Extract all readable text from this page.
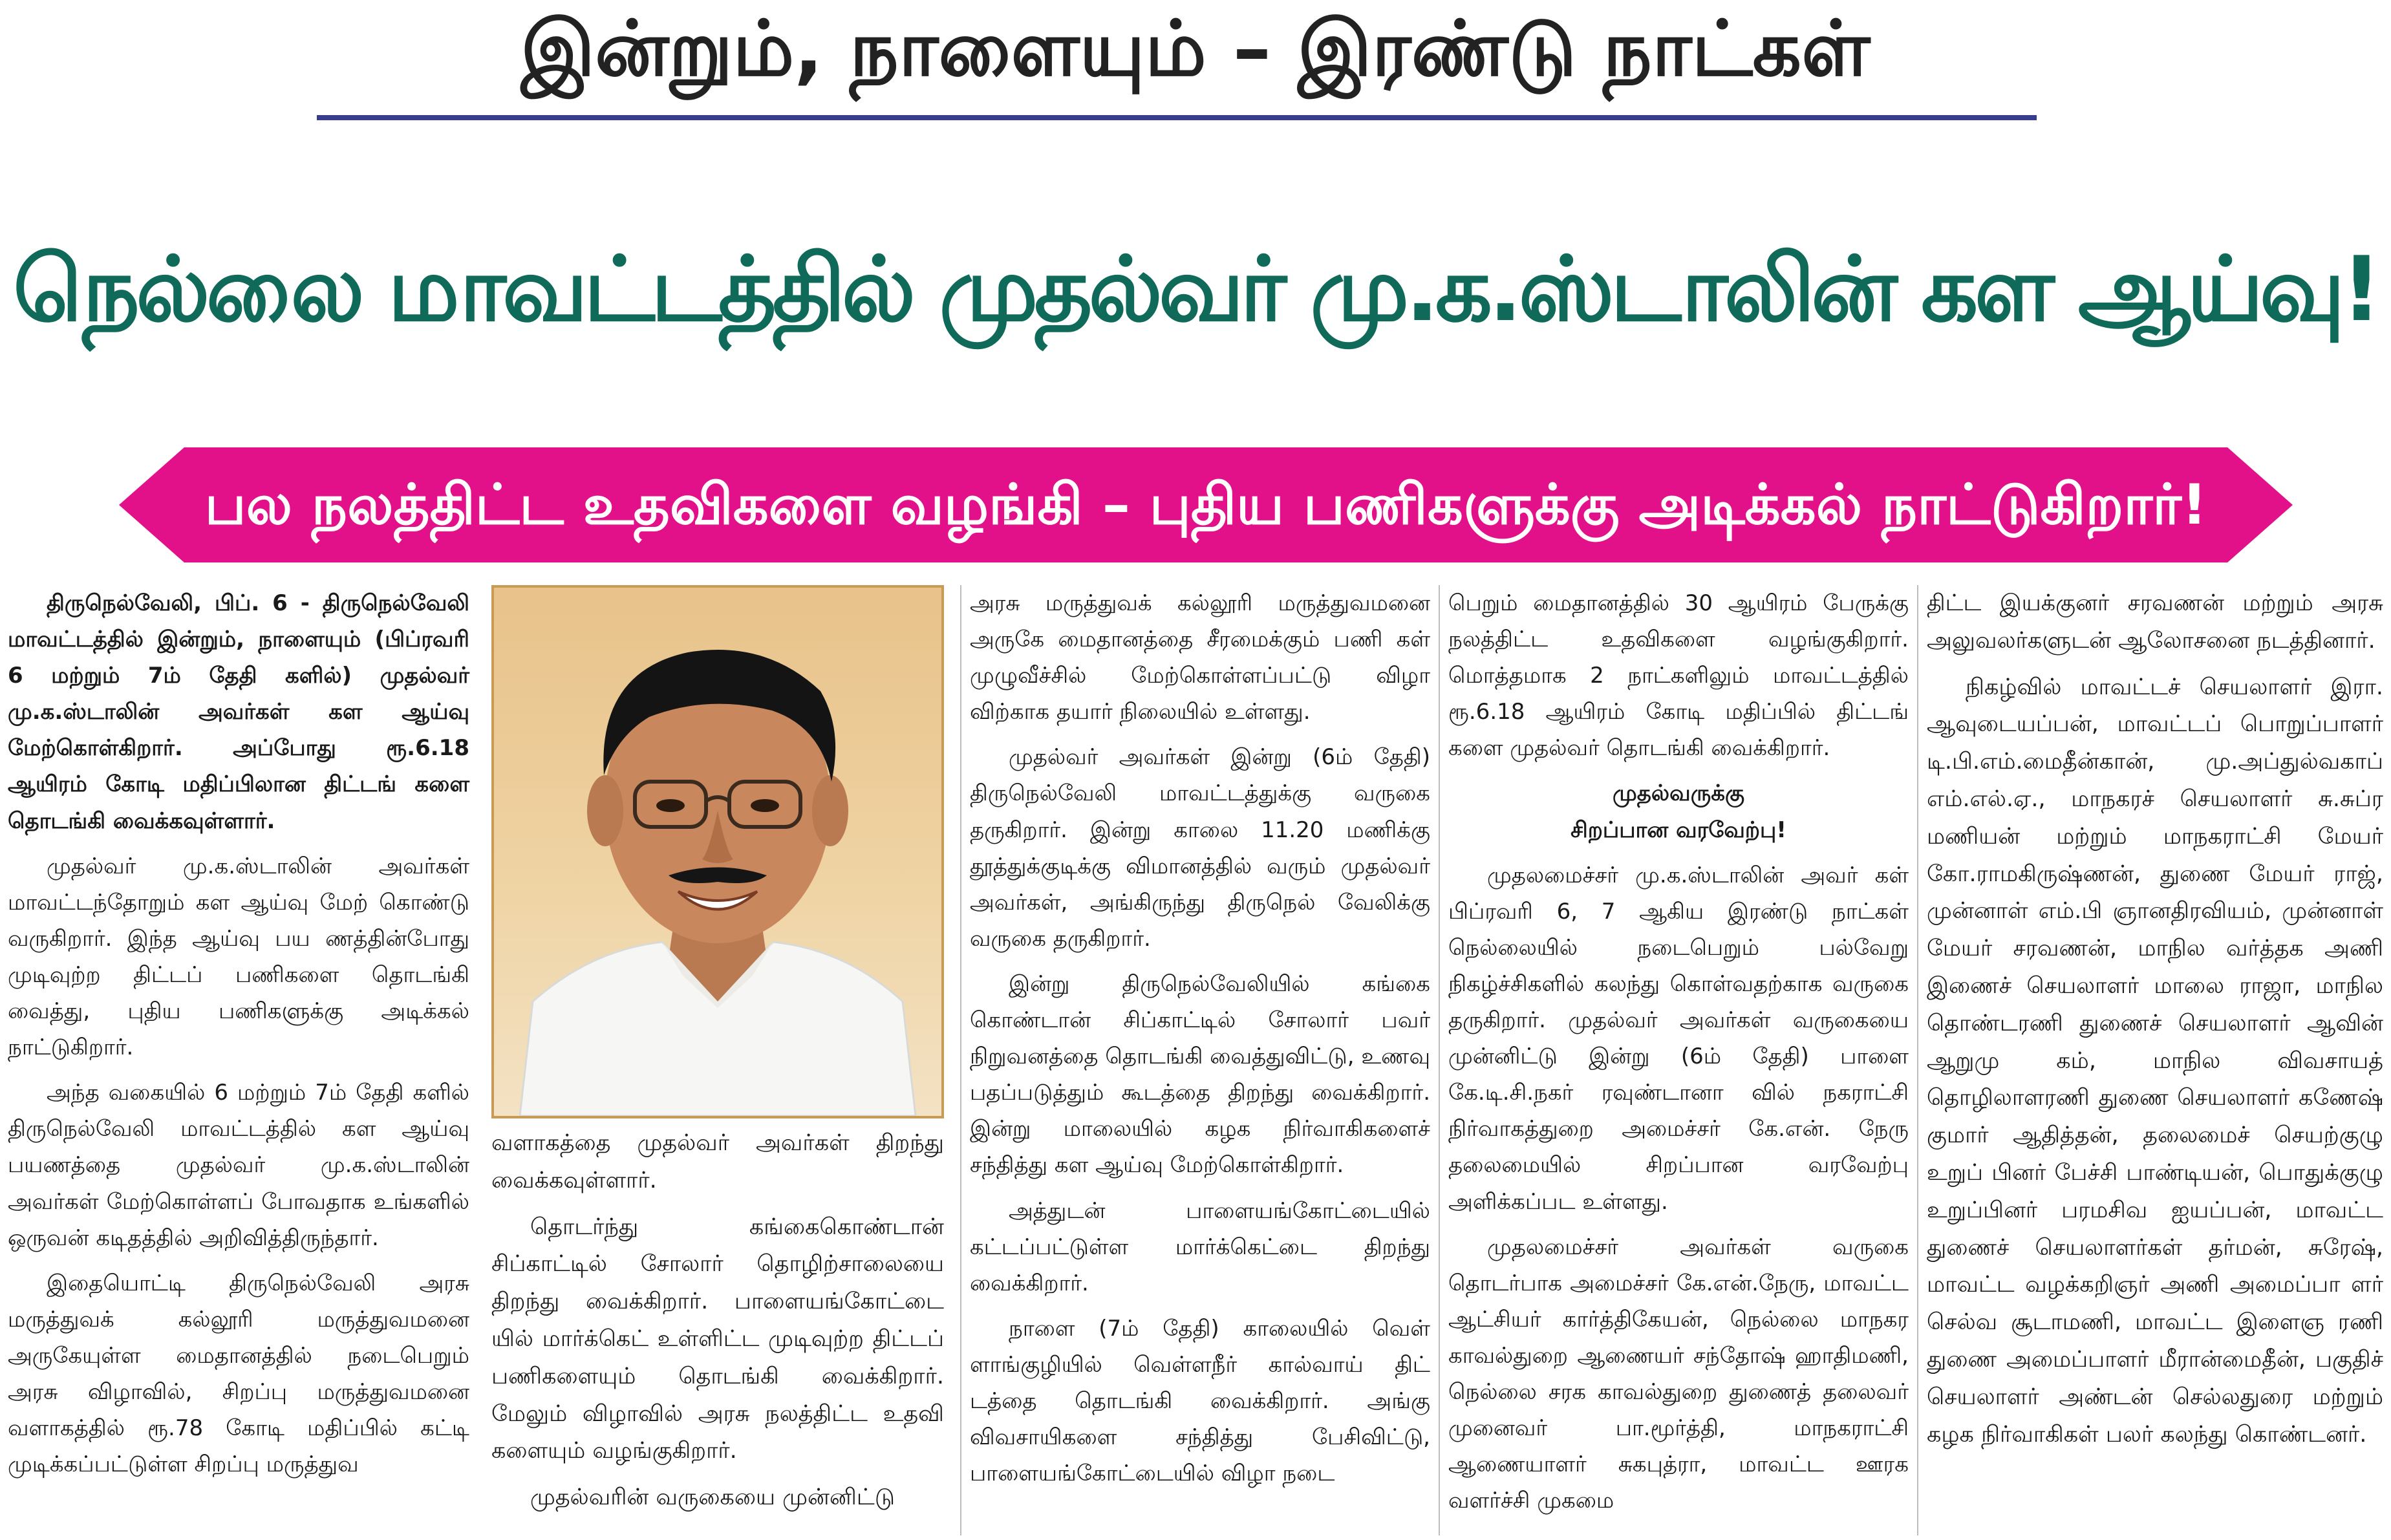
இன்றும், நாளையும் – இரண்டு நாட்கள்
நெல்லை மாவட்டத்தில் முதல்வர் மு.க.ஸ்டாலின் கள ஆய்வு!
பல நலத்திட்ட உதவிகளை வழங்கி – புதிய பணிகளுக்கு அடிக்கல் நாட்டுகிறார்!

திருநெல்வேலி, பிப். 6 - திருநெல்வேலி மாவட்டத்தில் இன்றும், நாளையும் (பிப்ரவரி 6 மற்றும் 7ம் தேதி களில்) முதல்வர் மு.க.ஸ்டாலின் அவர்கள் கள ஆய்வு மேற்கொள்கிறார். அப்போது ரூ.6.18 ஆயிரம் கோடி மதிப்பிலான திட்டங் களை தொடங்கி வைக்கவுள்ளார்.

முதல்வர் மு.க.ஸ்டாலின் அவர்கள் மாவட்டந்தோறும் கள ஆய்வு மேற் கொண்டு வருகிறார். இந்த ஆய்வு பய ணத்தின்போது முடிவுற்ற திட்டப் பணிகளை தொடங்கி வைத்து, புதிய பணிகளுக்கு அடிக்கல் நாட்டுகிறார்.

அந்த வகையில் 6 மற்றும் 7ம் தேதி களில் திருநெல்வேலி மாவட்டத்தில் கள ஆய்வு பயணத்தை முதல்வர் மு.க.ஸ்டாலின் அவர்கள் மேற்கொள்ளப் போவதாக உங்களில் ஒருவன் கடிதத்தில் அறிவித்திருந்தார்.

இதையொட்டி திருநெல்வேலி அரசு மருத்துவக் கல்லூரி மருத்துவமனை அருகேயுள்ள மைதானத்தில் நடைபெறும் அரசு விழாவில், சிறப்பு மருத்துவமனை வளாகத்தில் ரூ.78 கோடி மதிப்பில் கட்டி முடிக்கப்பட்டுள்ள சிறப்பு மருத்துவ

வளாகத்தை முதல்வர் அவர்கள் திறந்து வைக்கவுள்ளார்.

தொடர்ந்து கங்கைகொண்டான் சிப்காட்டில் சோலார் தொழிற்சாலையை திறந்து வைக்கிறார். பாளையங்கோட்டை யில் மார்க்கெட் உள்ளிட்ட முடிவுற்ற திட்டப் பணிகளையும் தொடங்கி வைக்கிறார். மேலும் விழாவில் அரசு நலத்திட்ட உதவி களையும் வழங்குகிறார்.

முதல்வரின் வருகையை முன்னிட்டு

அரசு மருத்துவக் கல்லூரி மருத்துவமனை அருகே மைதானத்தை சீரமைக்கும் பணி கள் முழுவீச்சில் மேற்கொள்ளப்பட்டு விழா விற்காக தயார் நிலையில் உள்ளது.

முதல்வர் அவர்கள் இன்று (6ம் தேதி) திருநெல்வேலி மாவட்டத்துக்கு வருகை தருகிறார். இன்று காலை 11.20 மணிக்கு தூத்துக்குடிக்கு விமானத்தில் வரும் முதல்வர் அவர்கள், அங்கிருந்து திருநெல் வேலிக்கு வருகை தருகிறார்.

இன்று திருநெல்வேலியில் கங்கை கொண்டான் சிப்காட்டில் சோலார் பவர் நிறுவனத்தை தொடங்கி வைத்துவிட்டு, உணவு பதப்படுத்தும் கூடத்தை திறந்து வைக்கிறார். இன்று மாலையில் கழக நிர்வாகிகளைச் சந்தித்து கள ஆய்வு மேற்கொள்கிறார்.

அத்துடன் பாளையங்கோட்டையில் கட்டப்பட்டுள்ள மார்க்கெட்டை திறந்து வைக்கிறார்.

நாளை (7ம் தேதி) காலையில் வெள் ளாங்குழியில் வெள்ளநீர் கால்வாய் திட் டத்தை தொடங்கி வைக்கிறார். அங்கு விவசாயிகளை சந்தித்து பேசிவிட்டு, பாளையங்கோட்டையில் விழா நடை

பெறும் மைதானத்தில் 30 ஆயிரம் பேருக்கு நலத்திட்ட உதவிகளை வழங்குகிறார். மொத்தமாக 2 நாட்களிலும் மாவட்டத்தில் ரூ.6.18 ஆயிரம் கோடி மதிப்பில் திட்டங் களை முதல்வர் தொடங்கி வைக்கிறார்.

முதல்வருக்கு

சிறப்பான வரவேற்பு!

முதலமைச்சர் மு.க.ஸ்டாலின் அவர் கள் பிப்ரவரி 6, 7 ஆகிய இரண்டு நாட்கள் நெல்லையில் நடைபெறும் பல்வேறு நிகழ்ச்சிகளில் கலந்து கொள்வதற்காக வருகை தருகிறார். முதல்வர் அவர்கள் வருகையை முன்னிட்டு இன்று (6ம் தேதி) பாளை கே.டி.சி.நகர் ரவுண்டானா வில் நகராட்சி நிர்வாகத்துறை அமைச்சர் கே.என். நேரு தலைமையில் சிறப்பான வரவேற்பு அளிக்கப்பட உள்ளது.

முதலமைச்சர் அவர்கள் வருகை தொடர்பாக அமைச்சர் கே.என்.நேரு, மாவட்ட ஆட்சியர் கார்த்திகேயன், நெல்லை மாநகர காவல்துறை ஆணையர் சந்தோஷ் ஹாதிமணி, நெல்லை சரக காவல்துறை துணைத் தலைவர் முனைவர் பா.மூர்த்தி, மாநகராட்சி ஆணையாளர் சுகபுத்ரா, மாவட்ட ஊரக வளர்ச்சி முகமை

திட்ட இயக்குனர் சரவணன் மற்றும் அரசு அலுவலர்களுடன் ஆலோசனை நடத்தினார்.

நிகழ்வில் மாவட்டச் செயலாளர் இரா. ஆவுடையப்பன், மாவட்டப் பொறுப்பாளர் டி.பி.எம்.மைதீன்கான், மு.அப்துல்வகாப் எம்.எல்.ஏ., மாநகரச் செயலாளர் சு.சுப்ர மணியன் மற்றும் மாநகராட்சி மேயர் கோ.ராமகிருஷ்ணன், துணை மேயர் ராஜ், முன்னாள் எம்.பி ஞானதிரவியம், முன்னாள் மேயர் சரவணன், மாநில வர்த்தக அணி இணைச் செயலாளர் மாலை ராஜா, மாநில தொண்டரணி துணைச் செயலாளர் ஆவின் ஆறுமு கம், மாநில விவசாயத் தொழிலாளரணி துணை செயலாளர் கணேஷ் குமார் ஆதித்தன், தலைமைச் செயற்குழு உறுப் பினர் பேச்சி பாண்டியன், பொதுக்குழு உறுப்பினர் பரமசிவ ஐயப்பன், மாவட்ட துணைச் செயலாளர்கள் தர்மன், சுரேஷ், மாவட்ட வழக்கறிஞர் அணி அமைப்பா ளர் செல்வ சூடாமணி, மாவட்ட இளைஞ ரணி துணை அமைப்பாளர் மீரான்மைதீன், பகுதிச் செயலாளர் அண்டன் செல்லதுரை மற்றும் கழக நிர்வாகிகள் பலர் கலந்து கொண்டனர்.
